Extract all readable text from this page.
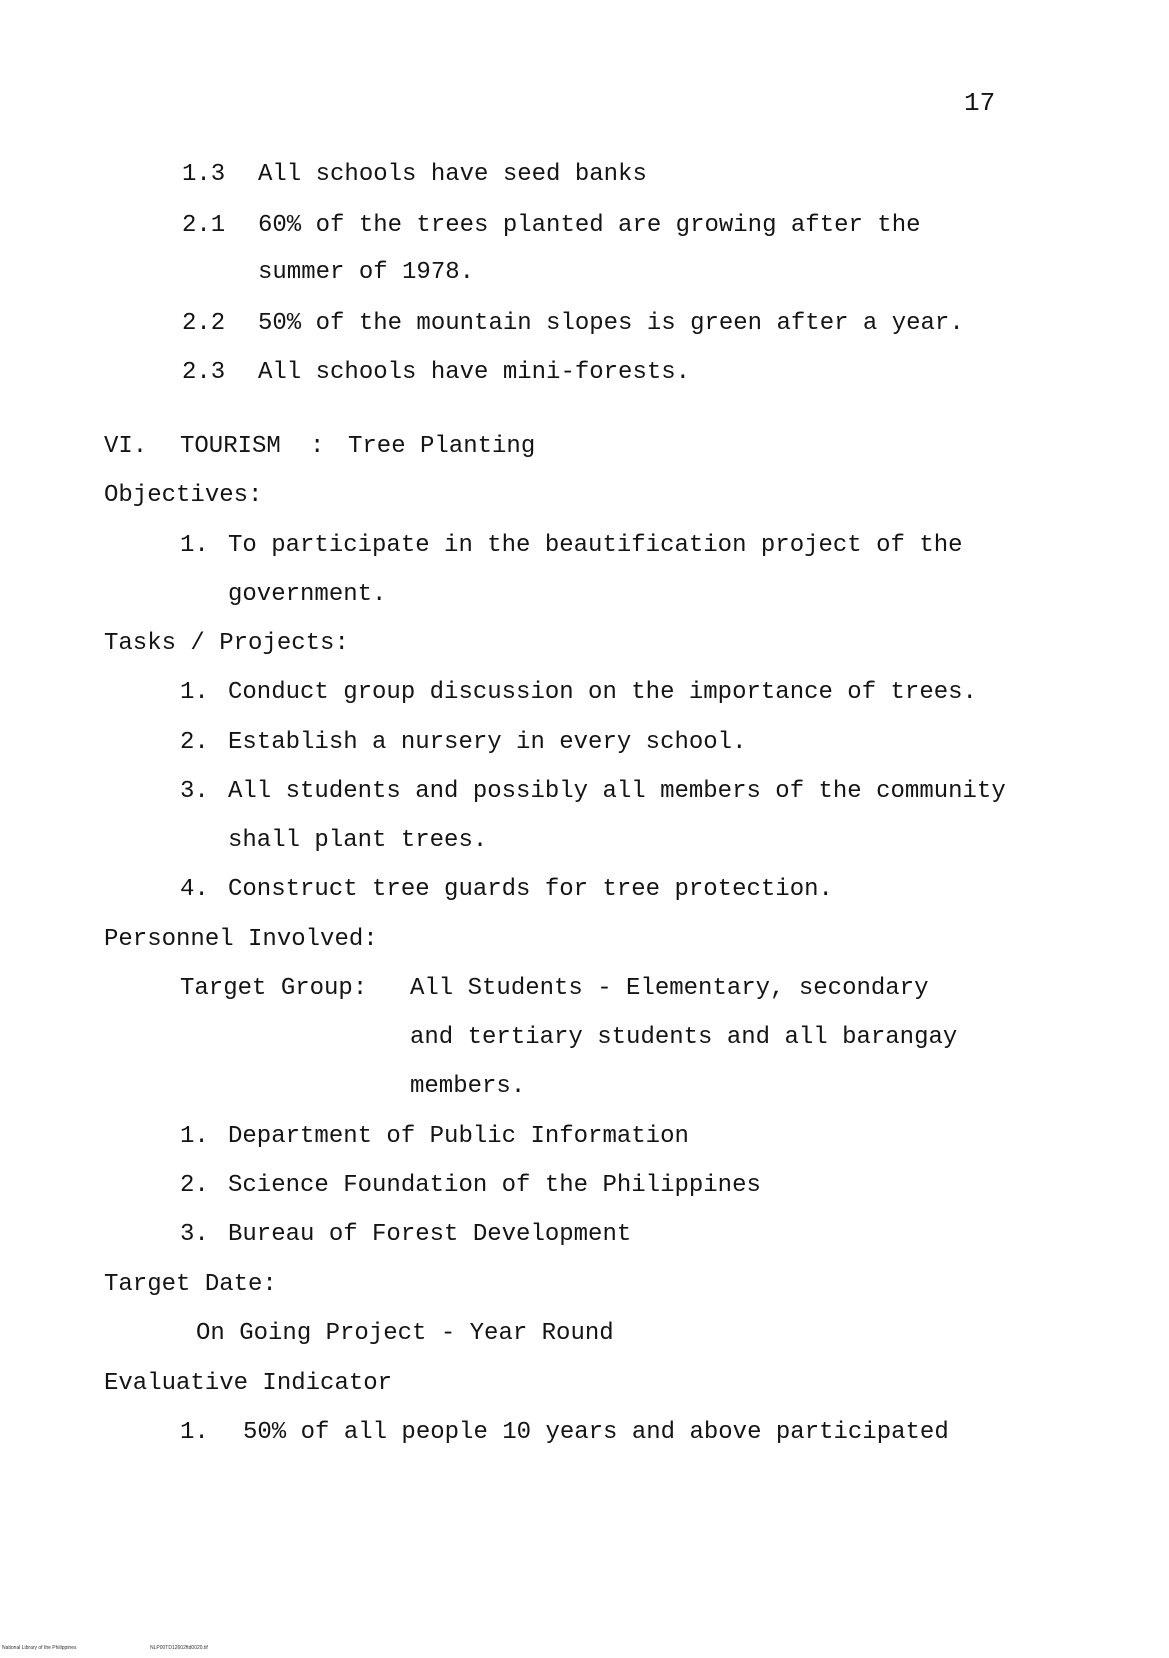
17
1.3 All schools have seed banks
2.1 60% of the trees planted are growing after the
summer of 1978.
2.2 50% of the mountain slopes is green after a year.
2.3 All schools have mini-forests.
VI. TOURISM : Tree Planting
Objectives:
1. To participate in the beautification project of the
government.
Tasks / Projects:
1. Conduct group discussion on the importance of trees.
2. Establish a nursery in every school.
3. All students and possibly all members of the community
shall plant trees.
4. Construct tree guards for tree protection.
Personnel Involved:
Target Group: All Students - Elementary, secondary
and tertiary students and all barangay
members.
1. Department of Public Information
2. Science Foundation of the Philippines
3. Bureau of Forest Development
Target Date:
On Going Project - Year Round
Evaluative Indicator
1. 50% of all people 10 years and above participated
National Library of the Philippines	NLP00TD12602ftd0020.tif
